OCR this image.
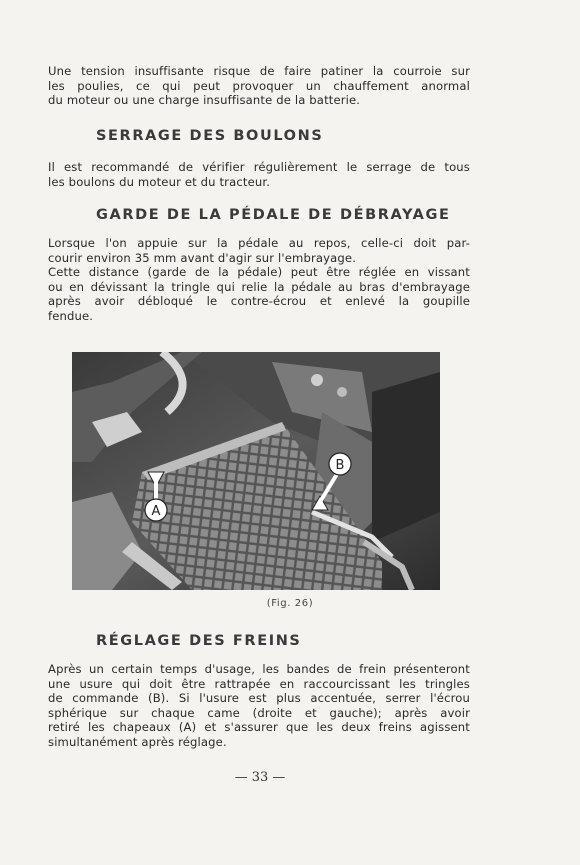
Une tension insuffisante risque de faire patiner la courroie sur
les poulies, ce qui peut provoquer un chauffement anormal
du moteur ou une charge insuffisante de la batterie.
SERRAGE DES BOULONS
Il est recommandé de vérifier régulièrement le serrage de tous
les boulons du moteur et du tracteur.
GARDE DE LA PÉDALE DE DÉBRAYAGE
Lorsque l'on appuie sur la pédale au repos, celle-ci doit par-
courir environ 35 mm avant d'agir sur l'embrayage.
Cette distance (garde de la pédale) peut être réglée en vissant
ou en dévissant la tringle qui relie la pédale au bras d'embrayage
après avoir débloqué le contre-écrou et enlevé la goupille
fendue.
A
B
(Fig. 26)
RÉGLAGE DES FREINS
Après un certain temps d'usage, les bandes de frein présenteront
une usure qui doit être rattrapée en raccourcissant les tringles
de commande (B). Si l'usure est plus accentuée, serrer l'écrou
sphérique sur chaque came (droite et gauche); après avoir
retiré les chapeaux (A) et s'assurer que les deux freins agissent
simultanément après réglage.
— 33 —
